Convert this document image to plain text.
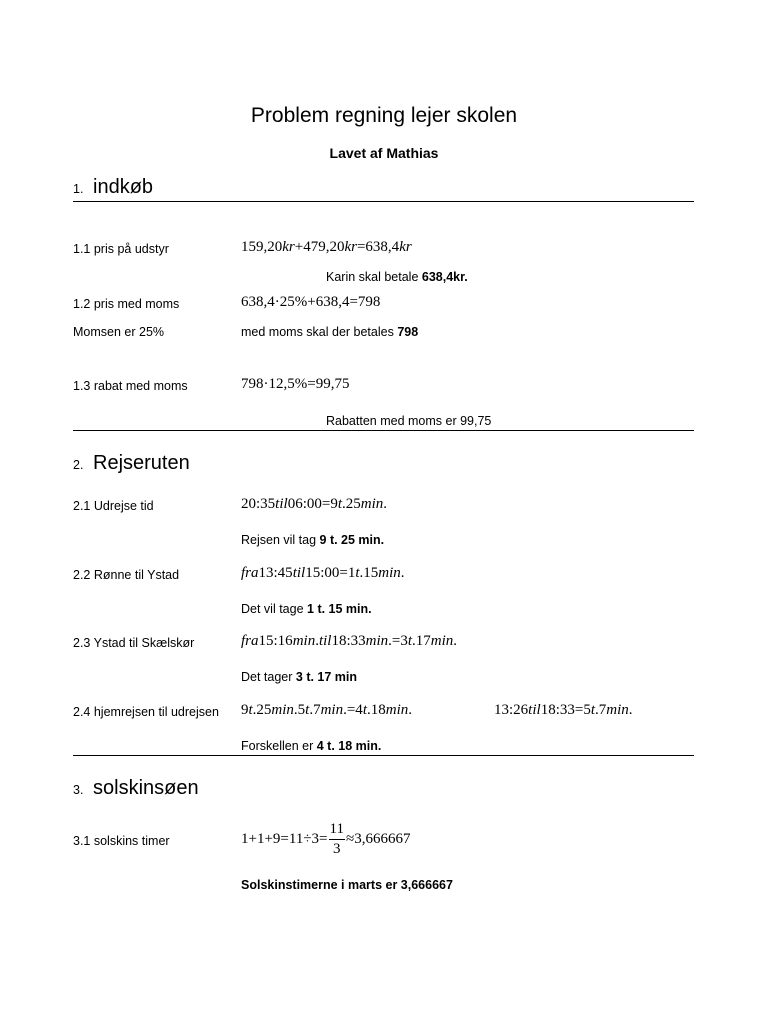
Problem regning lejer skolen
Lavet af Mathias
1. indkøb
1.1 pris på udstyr	159,20kr+479,20kr=638,4kr
Karin skal betale 638,4kr.
1.2 pris med moms	638,4·25%+638,4=798
Momsen er 25%	med moms skal der betales 798
1.3 rabat med moms	798·12,5%=99,75
Rabatten med moms er 99,75
2. Rejseruten
2.1 Udrejse tid	20:35til06:00=9t.25min.
Rejsen vil tag 9 t. 25 min.
2.2 Rønne til Ystad	fra13:45til15:00=1t.15min.
Det vil tage 1 t. 15 min.
2.3 Ystad til Skælskør	fra15:16min.til18:33min.=3t.17min.
Det tager 3 t. 17 min
2.4 hjemrejsen til udrejsen 9t.25min.5t.7min.=4t.18min.	13:26til18:33=5t.7min.
Forskellen er 4 t. 18 min.
3. solskinsøen
3.1 solskins timer	$1+1+9=11\div 3= \frac{11}{3} \approx 3,666667$
Solskinstimerne i marts er 3,666667
